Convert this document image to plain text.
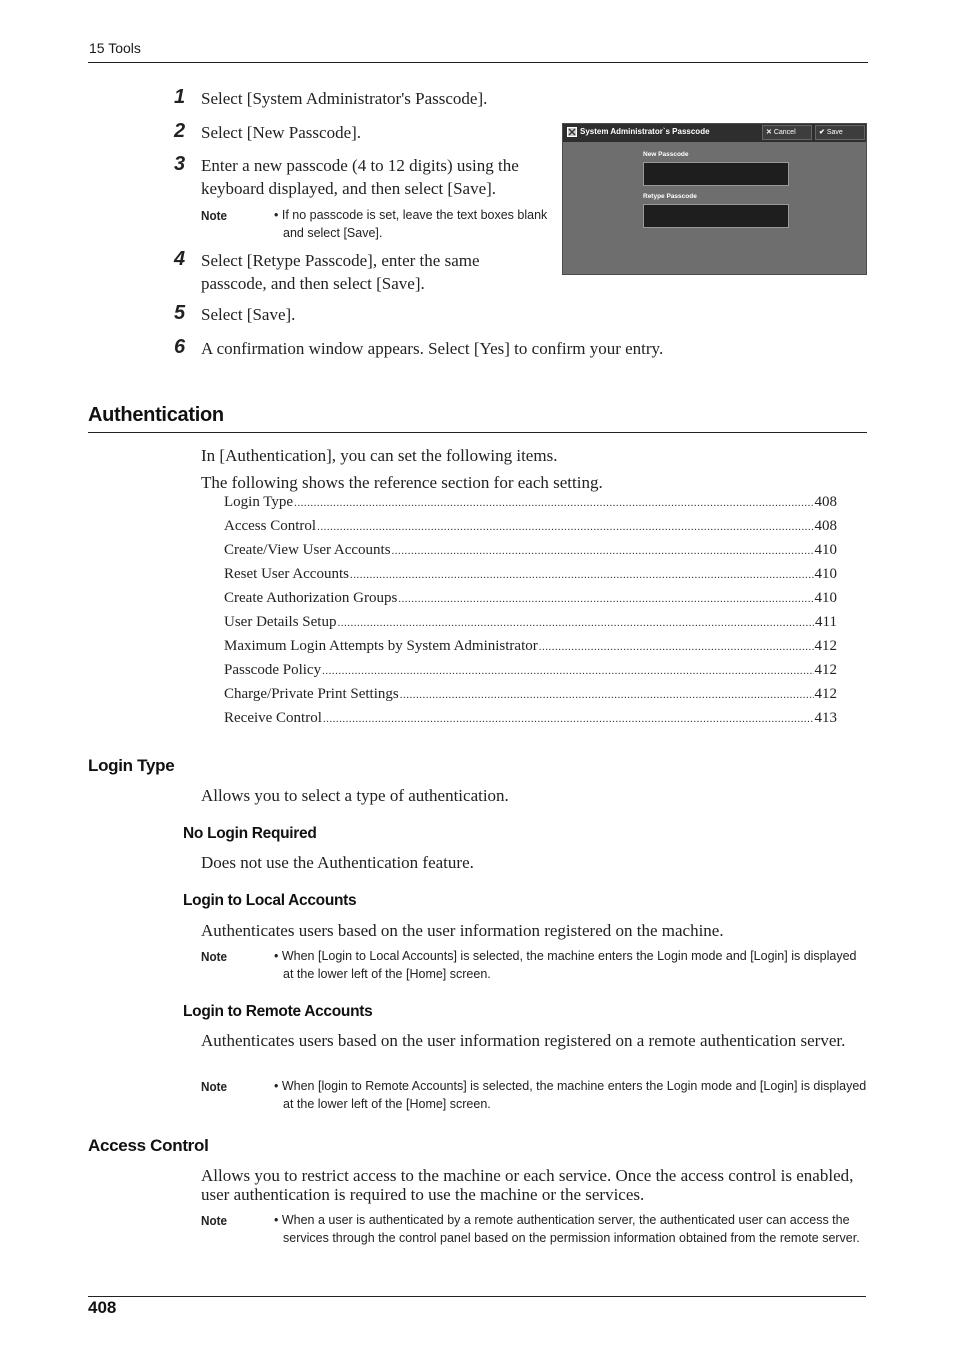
15 Tools
1 Select [System Administrator's Passcode].
2 Select [New Passcode].
3 Enter a new passcode (4 to 12 digits) using the keyboard displayed, and then select [Save].
Note	• If no passcode is set, leave the text boxes blank and select [Save].
4 Select [Retype Passcode], enter the same passcode, and then select [Save].
5 Select [Save].
6 A confirmation window appears. Select [Yes] to confirm your entry.
System Administrator`s Passcode	✕ Cancel	✔ Save
New Passcode
Retype Passcode
Authentication
In [Authentication], you can set the following items.
The following shows the reference section for each setting.
Login Type .....	408
Access Control .....	408
Create/View User Accounts .....	410
Reset User Accounts .....	410
Create Authorization Groups .....	410
User Details Setup .....	411
Maximum Login Attempts by System Administrator .....	412
Passcode Policy .....	412
Charge/Private Print Settings .....	412
Receive Control .....	413
Login Type
Allows you to select a type of authentication.
No Login Required
Does not use the Authentication feature.
Login to Local Accounts
Authenticates users based on the user information registered on the machine.
Note	• When [Login to Local Accounts] is selected, the machine enters the Login mode and [Login] is displayed at the lower left of the [Home] screen.
Login to Remote Accounts
Authenticates users based on the user information registered on a remote authentication server.
Note	• When [login to Remote Accounts] is selected, the machine enters the Login mode and [Login] is displayed at the lower left of the [Home] screen.
Access Control
Allows you to restrict access to the machine or each service. Once the access control is enabled, user authentication is required to use the machine or the services.
Note	• When a user is authenticated by a remote authentication server, the authenticated user can access the services through the control panel based on the permission information obtained from the remote server.
408
